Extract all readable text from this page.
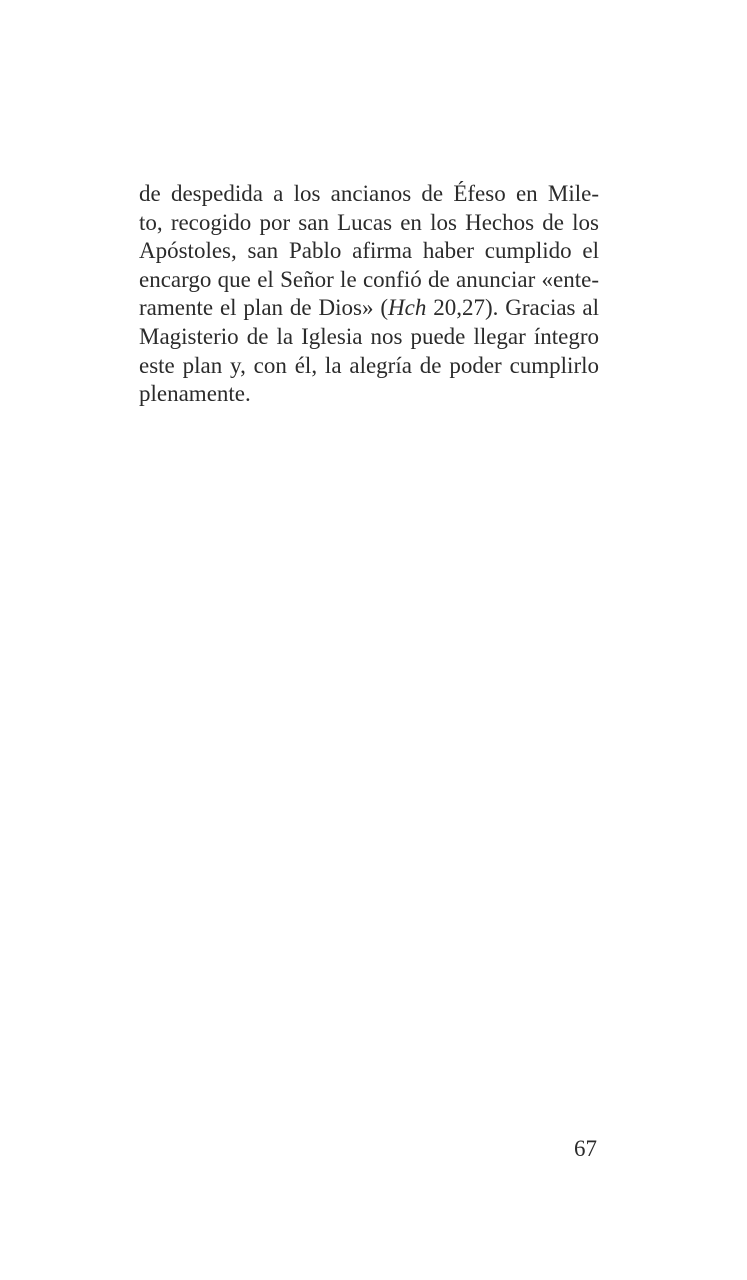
de despedida a los ancianos de Éfeso en Mile-
to, recogido por san Lucas en los Hechos de los
Apóstoles, san Pablo afirma haber cumplido el
encargo que el Señor le confió de anunciar «ente-
ramente el plan de Dios» (Hch 20,27). Gracias al
Magisterio de la Iglesia nos puede llegar íntegro
este plan y, con él, la alegría de poder cumplirlo
plenamente.
67
